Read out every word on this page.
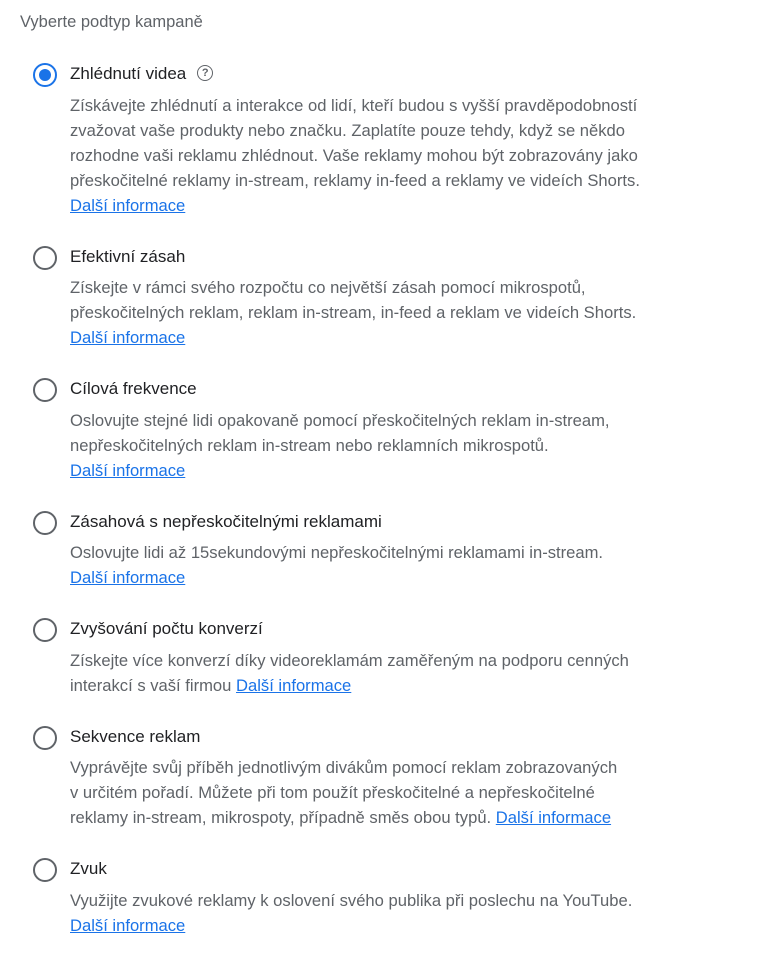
Vyberte podtyp kampaně
Zhlédnutí videa ?
Získávejte zhlédnutí a interakce od lidí, kteří budou s vyšší pravděpodobností
zvažovat vaše produkty nebo značku. Zaplatíte pouze tehdy, když se někdo
rozhodne vaši reklamu zhlédnout. Vaše reklamy mohou být zobrazovány jako
přeskočitelné reklamy in-stream, reklamy in-feed a reklamy ve videích Shorts.
Další informace
Efektivní zásah
Získejte v rámci svého rozpočtu co největší zásah pomocí mikrospotů,
přeskočitelných reklam, reklam in-stream, in-feed a reklam ve videích Shorts.
Další informace
Cílová frekvence
Oslovujte stejné lidi opakovaně pomocí přeskočitelných reklam in-stream,
nepřeskočitelných reklam in-stream nebo reklamních mikrospotů.
Další informace
Zásahová s nepřeskočitelnými reklamami
Oslovujte lidi až 15sekundovými nepřeskočitelnými reklamami in-stream.
Další informace
Zvyšování počtu konverzí
Získejte více konverzí díky videoreklamám zaměřeným na podporu cenných
interakcí s vaší firmou Další informace
Sekvence reklam
Vyprávějte svůj příběh jednotlivým divákům pomocí reklam zobrazovaných
v určitém pořadí. Můžete při tom použít přeskočitelné a nepřeskočitelné
reklamy in-stream, mikrospoty, případně směs obou typů. Další informace
Zvuk
Využijte zvukové reklamy k oslovení svého publika při poslechu na YouTube.
Další informace
